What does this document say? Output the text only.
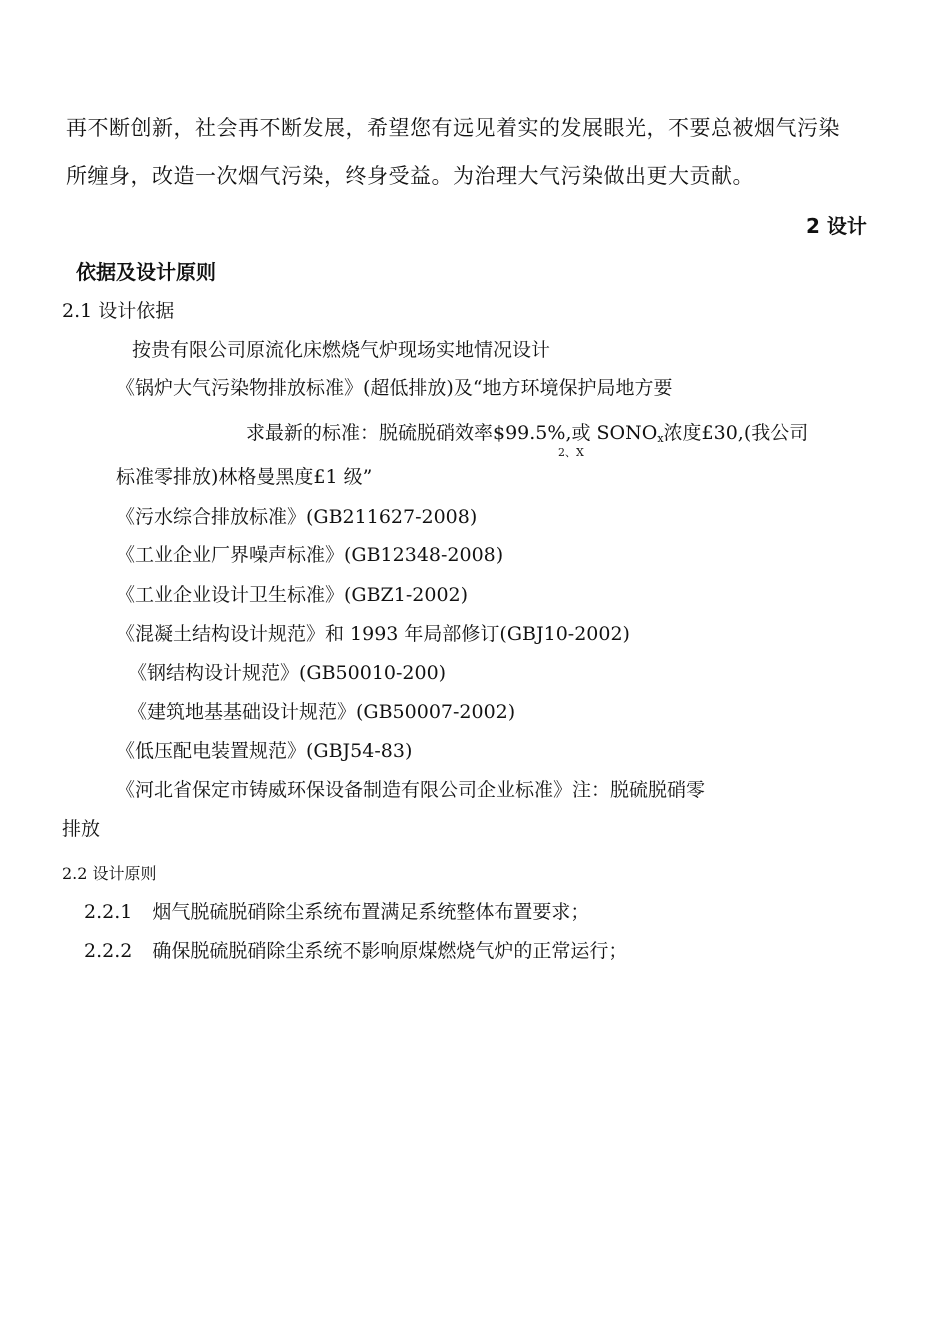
再不断创新，社会再不断发展，希望您有远见着实的发展眼光，不要总被烟气污染
所缠身，改造一次烟气污染，终身受益。为治理大气污染做出更大贡献。
2 设计
依据及设计原则
2.1 设计依据
按贵有限公司原流化床燃烧气炉现场实地情况设计
《锅炉大气污染物排放标准》(超低排放)及“地方环境保护局地方要
求最新的标准：脱硫脱硝效率$99.5%,或 SONOx浓度£30,(我公司
2、X
标准零排放)林格曼黑度£1 级”
《污水综合排放标准》(GB211627-2008)
《工业企业厂界噪声标准》(GB12348-2008)
《工业企业设计卫生标准》(GBZ1-2002)
《混凝土结构设计规范》和 1993 年局部修订(GBJ10-2002)
《钢结构设计规范》(GB50010-200)
《建筑地基基础设计规范》(GB50007-2002)
《低压配电装置规范》(GBJ54-83)
《河北省保定市铸威环保设备制造有限公司企业标准》注：脱硫脱硝零
排放
2.2 设计原则
2.2.1 烟气脱硫脱硝除尘系统布置满足系统整体布置要求；
2.2.2 确保脱硫脱硝除尘系统不影响原煤燃烧气炉的正常运行；
